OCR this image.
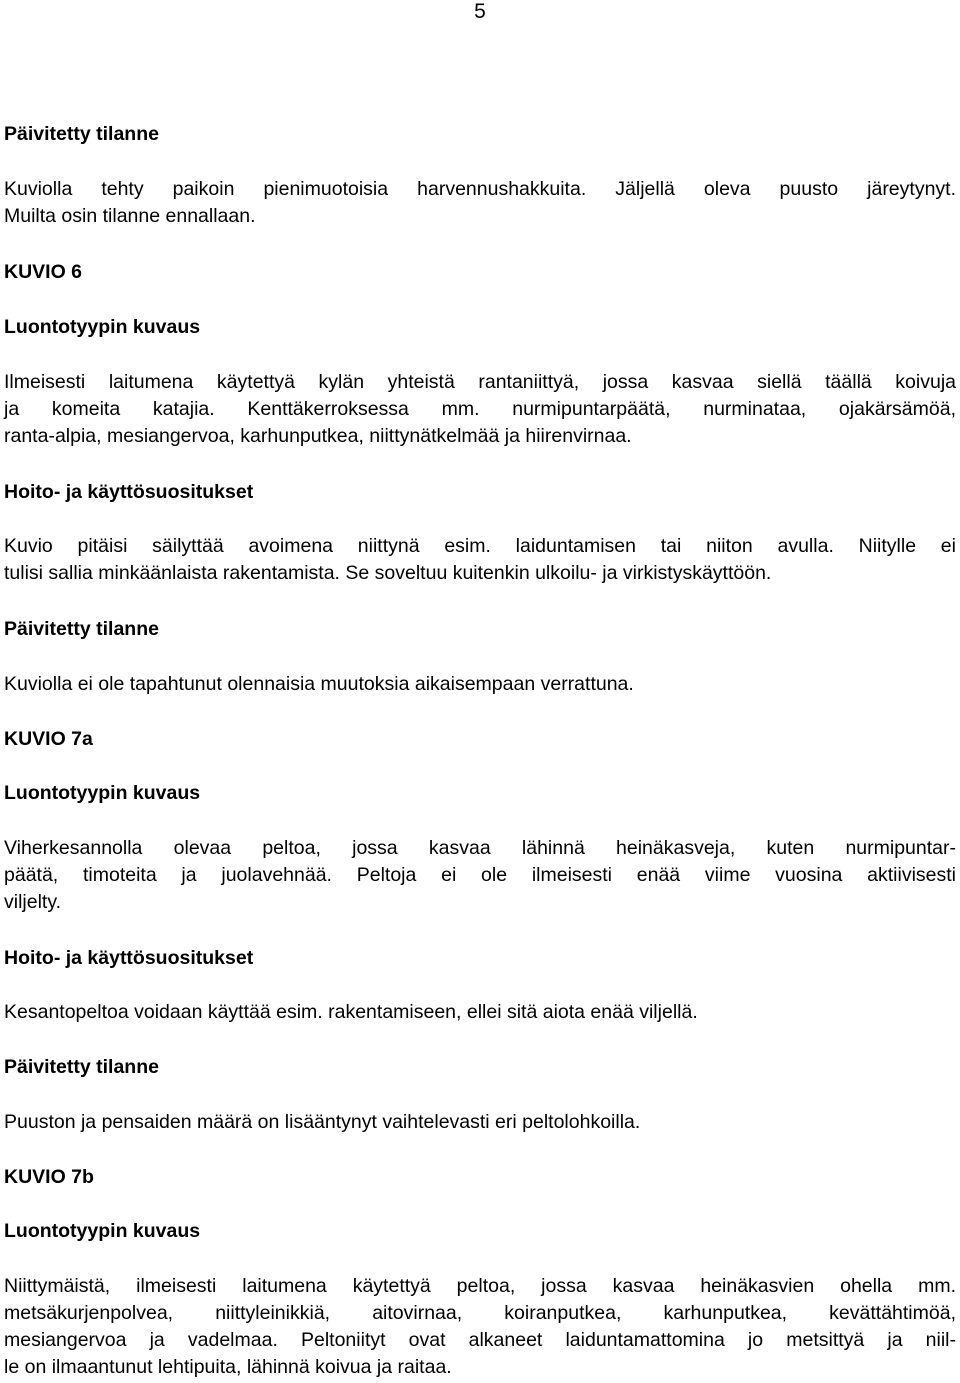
5
Päivitetty tilanne
Kuviolla tehty paikoin pienimuotoisia harvennushakkuita. Jäljellä oleva puusto järeytynyt.
Muilta osin tilanne ennallaan.
KUVIO 6
Luontotyypin kuvaus
Ilmeisesti laitumena käytettyä kylän yhteistä rantaniittyä, jossa kasvaa siellä täällä koivuja
ja komeita katajia. Kenttäkerroksessa mm. nurmipuntarpäätä, nurminataa, ojakärsämöä,
ranta-alpia, mesiangervoa, karhunputkea, niittynätkelmää ja hiirenvirnaa.
Hoito- ja käyttösuositukset
Kuvio pitäisi säilyttää avoimena niittynä esim. laiduntamisen tai niiton avulla. Niitylle ei
tulisi sallia minkäänlaista rakentamista. Se soveltuu kuitenkin ulkoilu- ja virkistyskäyttöön.
Päivitetty tilanne
Kuviolla ei ole tapahtunut olennaisia muutoksia aikaisempaan verrattuna.
KUVIO 7a
Luontotyypin kuvaus
Viherkesannolla olevaa peltoa, jossa kasvaa lähinnä heinäkasveja, kuten nurmipuntar-
päätä, timoteita ja juolavehnää. Peltoja ei ole ilmeisesti enää viime vuosina aktiivisesti
viljelty.
Hoito- ja käyttösuositukset
Kesantopeltoa voidaan käyttää esim. rakentamiseen, ellei sitä aiota enää viljellä.
Päivitetty tilanne
Puuston ja pensaiden määrä on lisääntynyt vaihtelevasti eri peltolohkoilla.
KUVIO 7b
Luontotyypin kuvaus
Niittymäistä, ilmeisesti laitumena käytettyä peltoa, jossa kasvaa heinäkasvien ohella mm.
metsäkurjenpolvea, niittyleinikkiä, aitovirnaa, koiranputkea, karhunputkea, kevättähtimöä,
mesiangervoa ja vadelmaa. Peltoniityt ovat alkaneet laiduntamattomina jo metsittyä ja niil-
le on ilmaantunut lehtipuita, lähinnä koivua ja raitaa.
